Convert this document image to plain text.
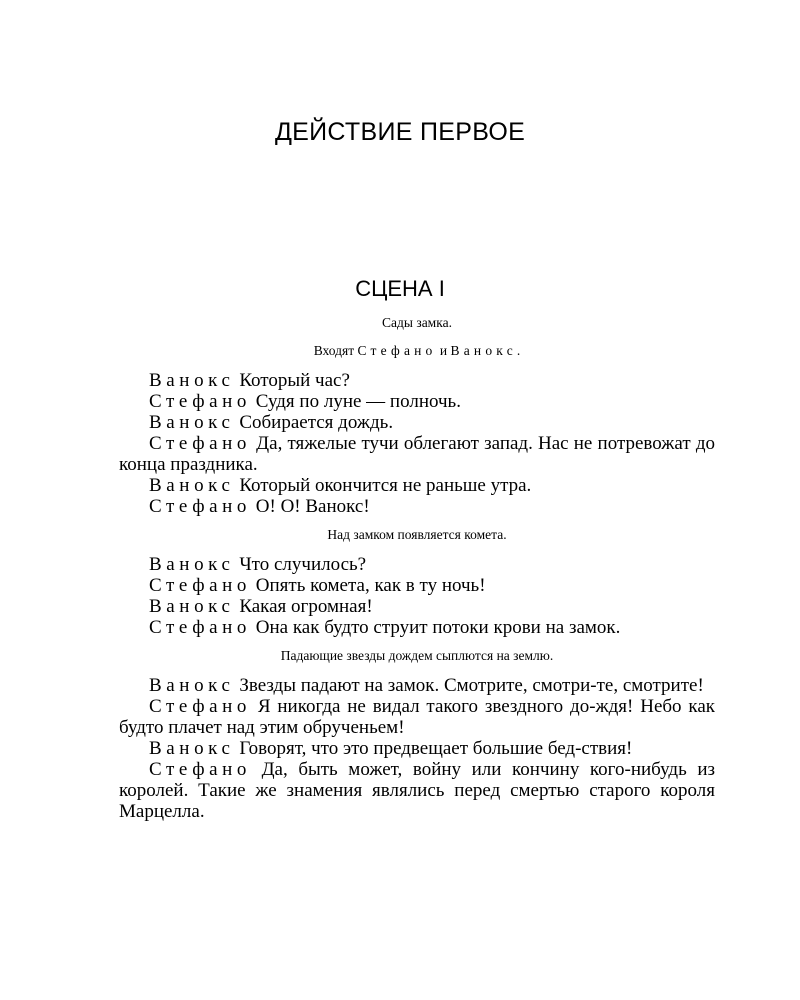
ДЕЙСТВИЕ ПЕРВОЕ
СЦЕНА I
Сады замка.
Входят Стефано и Ванокс.
Ванокс Который час?
Стефано Судя по луне — полночь.
Ванокс Собирается дождь.
Стефано Да, тяжелые тучи облегают запад. Нас не потревожат до конца праздника.
Ванокс Который окончится не раньше утра.
Стефано О! О! Ванокс!
Над замком появляется комета.
Ванокс Что случилось?
Стефано Опять комета, как в ту ночь!
Ванокс Какая огромная!
Стефано Она как будто струит потоки крови на замок.
Падающие звезды дождем сыплются на землю.
Ванокс Звезды падают на замок. Смотрите, смотри-те, смотрите!
Стефано Я никогда не видал такого звездного до-ждя! Небо как будто плачет над этим обрученьем!
Ванокс Говорят, что это предвещает большие бед-ствия!
Стефано Да, быть может, войну или кончину кого-нибудь из королей. Такие же знамения являлись перед смертью старого короля Марцелла.
